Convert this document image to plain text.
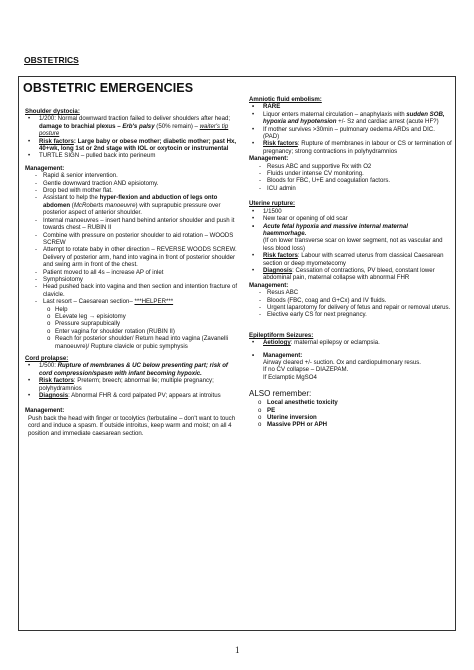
OBSTETRICS
OBSTETRIC EMERGENCIES

Shoulder dystocia:

• 1/200: Normal downward traction failed to deliver shoulders after head; damage to brachial plexus – Erb's palsy (50% remain) – waiter's tip posture
• Risk factors: Large baby or obese mother; diabetic mother; past Hx, 40+wk, long 1st or 2nd stage with IOL or oxytocin or instrumental
• TURTLE SIGN – pulled back into perineum

Management:

- Rapid & senior intervention.
- Gentle downward traction AND episiotomy.
- Drop bed with mother flat.
- Assistant to help the hyper-flexion and abduction of legs onto abdomen (McRoberts manoeuvre) with suprapubic pressure over posterior aspect of anterior shoulder.
- Internal manoeuvres – insert hand behind anterior shoulder and push it towards chest – RUBIN II
- Combine with pressure on posterior shoulder to aid rotation – WOODS SCREW
- Attempt to rotate baby in other direction – REVERSE WOODS SCREW. Delivery of posterior arm, hand into vagina in front of posterior shoulder and swing arm in front of the chest.
- Patient moved to all 4s – increase AP of inlet
- Symphsiotomy
- Head pushed back into vagina and then section and intention fracture of clavicle.
- Last resort – Caesarean section– ***HELPER***
o Help
o ELevate leg → episiotomy
o Pressure suprapubically
o Enter vagina for shoulder rotation (RUBIN II)
o Reach for posterior shoulder/ Return head into vagina (Zavanelli manoeuvre)/ Rupture clavicle or pubic symphysis

Cord prolapse:

• 1/500: Rupture of membranes & UC below presenting part; risk of cord compression/spasm with infant becoming hypoxic.
• Risk factors: Preterm; breech; abnormal lie; multiple pregnancy; polyhydramnios
• Diagnosis: Abnormal FHR & cord palpated PV; appears at introitus

Management:

Push back the head with finger or tocolytics (terbutaline – don't want to touch cord and induce a spasm. If outside introitus, keep warm and moist; on all 4 position and immediate caesarean section.

Amniotic fluid embolism:

• RARE
• Liquor enters maternal circulation – anaphylaxis with sudden SOB, hypoxia and hypotension +/- Sz and cardiac arrest (acute HF?)
• If mother survives >30min – pulmonary oedema ARDs and DIC. (PAD)
• Risk factors: Rupture of membranes in labour or CS or termination of pregnancy; strong contractions in polyhydramnios

Management:

- Resus ABC and supportive Rx with O2
- Fluids under intense CV monitoring.
- Bloods for FBC, U+E and coagulation factors.
- ICU admin

Uterine rupture:

• 1/1500
• New tear or opening of old scar
• Acute fetal hypoxia and massive internal maternal haemmorhage.
(If on lower transverse scar on lower segment, not as vascular and less blood loss)
• Risk factors: Labour with scarred uterus from classical Caesarean section or deep myometecomy
• Diagnosis: Cessation of contractions, PV bleed, constant lower abdominal pain, maternal collapse with abnormal FHR

Management:

- Resus ABC
- Bloods (FBC, coag and G+Cx) and IV fluids.
- Urgent laparotomy for delivery of fetus and repair or removal uterus.
- Elective early CS for next pregnancy.

Epileptiform Seizures:

• Aetiology: maternal epilepsy or eclampsia.
• Management:

Airway cleared +/- suction. Ox and cardiopulmonary resus.

If no CV collapse – DIAZEPAM.

If Eclamptic MgSO4

ALSO remember:

o Local anesthetic toxicity
o PE
o Uterine inversion
o Massive PPH or APH
1
